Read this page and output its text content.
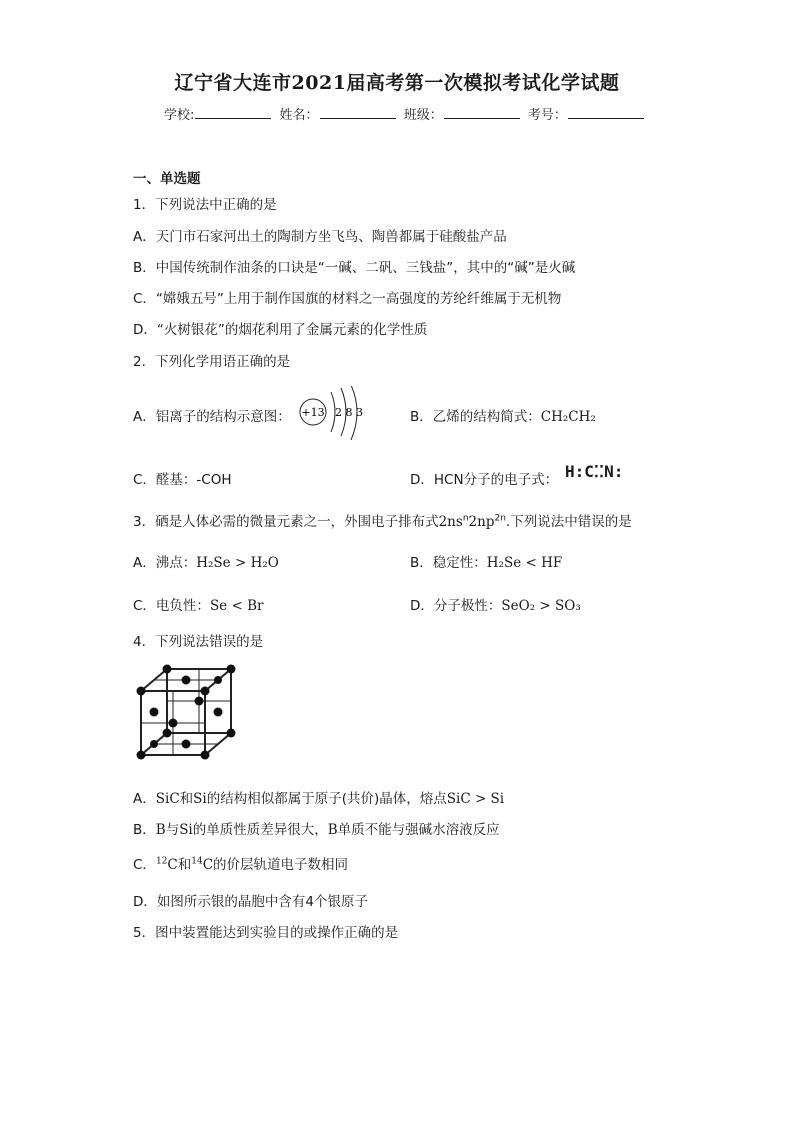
辽宁省大连市2021届高考第一次模拟考试化学试题
学校:	姓名：	班级：	考号：
一、单选题
1．下列说法中正确的是
A．天门市石家河出土的陶制方坐飞鸟、陶兽都属于硅酸盐产品
B．中国传统制作油条的口诀是“一碱、二矾、三钱盐”，其中的“碱”是火碱
C．“嫦娥五号”上用于制作国旗的材料之一高强度的芳纶纤维属于无机物
D．“火树银花”的烟花利用了金属元素的化学性质
2．下列化学用语正确的是
A．铝离子的结构示意图： +13 2 8 3	B．乙烯的结构简式：CH₂CH₂
C．醛基：-COH	D．HCN分子的电子式： H:C⁚⁚N:
3．硒是人体必需的微量元素之一，外围电子排布式$2ns^n2np^{2n}$.下列说法中错误的是
A．沸点：H₂Se > H₂O	B．稳定性：H₂Se < HF
C．电负性：Se < Br	D．分子极性：SeO₂ > SO₃
4．下列说法错误的是
A．SiC和Si的结构相似都属于原子(共价)晶体，熔点SiC > Si
B．B与Si的单质性质差异很大，B单质不能与强碱水溶液反应
C．$^{12}$C和$^{14}$C的价层轨道电子数相同
D．如图所示银的晶胞中含有4个银原子
5．图中装置能达到实验目的或操作正确的是
